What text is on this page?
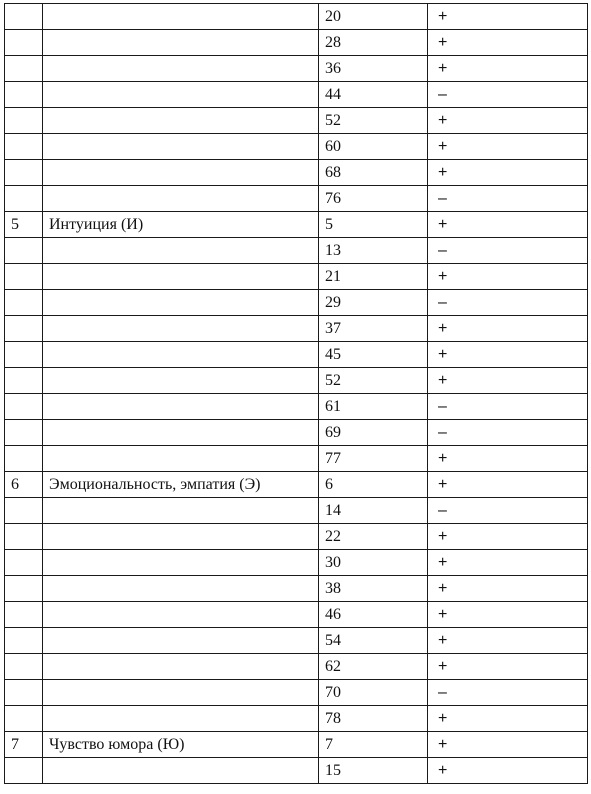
		20	+
		28	+
		36	+
		44	–
		52	+
		60	+
		68	+
		76	–
5	Интуиция (И)	5	+
		13	–
		21	+
		29	–
		37	+
		45	+
		52	+
		61	–
		69	–
		77	+
6	Эмоциональность, эмпатия (Э)	6	+
		14	–
		22	+
		30	+
		38	+
		46	+
		54	+
		62	+
		70	–
		78	+
7	Чувство юмора (Ю)	7	+
		15	+
